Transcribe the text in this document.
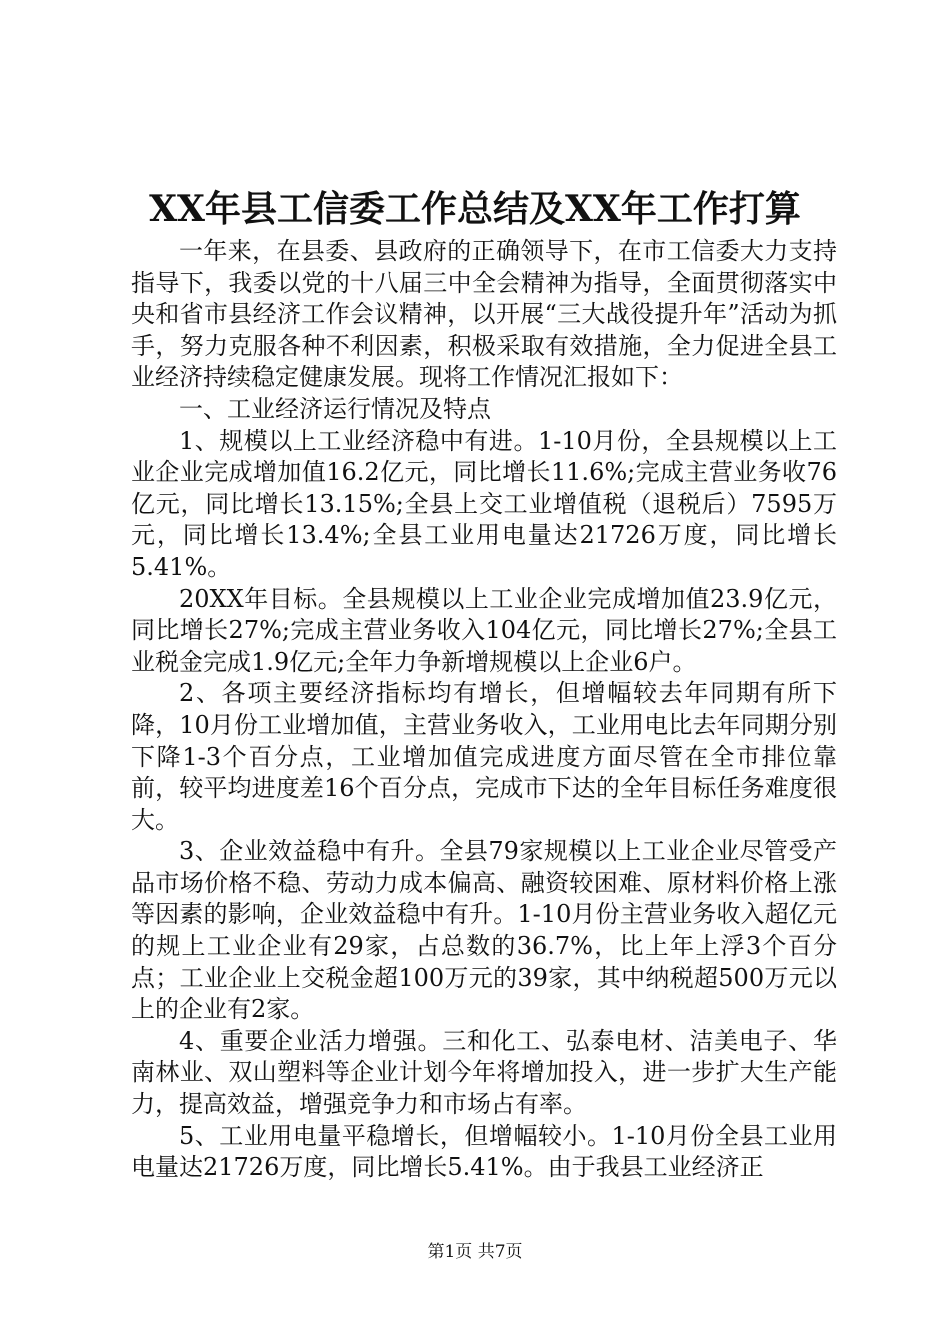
XX年县工信委工作总结及XX年工作打算

一年来，在县委、县政府的正确领导下，在市工信委大力支持指导下，我委以党的十八届三中全会精神为指导，全面贯彻落实中央和省市县经济工作会议精神，以开展“三大战役提升年”活动为抓手，努力克服各种不利因素，积极采取有效措施，全力促进全县工业经济持续稳定健康发展。现将工作情况汇报如下：

一、工业经济运行情况及特点

1、规模以上工业经济稳中有进。1-10月份，全县规模以上工业企业完成增加值16.2亿元，同比增长11.6%;完成主营业务收76亿元，同比增长13.15%;全县上交工业增值税（退税后）7595万元，同比增长13.4%;全县工业用电量达21726万度，同比增长5.41%。

20XX年目标。全县规模以上工业企业完成增加值23.9亿元，同比增长27%;完成主营业务收入104亿元，同比增长27%;全县工业税金完成1.9亿元;全年力争新增规模以上企业6户。

2、各项主要经济指标均有增长，但增幅较去年同期有所下降，10月份工业增加值，主营业务收入，工业用电比去年同期分别下降1-3个百分点，工业增加值完成进度方面尽管在全市排位靠前，较平均进度差16个百分点，完成市下达的全年目标任务难度很大。

3、企业效益稳中有升。全县79家规模以上工业企业尽管受产品市场价格不稳、劳动力成本偏高、融资较困难、原材料价格上涨等因素的影响，企业效益稳中有升。1-10月份主营业务收入超亿元的规上工业企业有29家，占总数的36.7%，比上年上浮3个百分点；工业企业上交税金超100万元的39家，其中纳税超500万元以上的企业有2家。

4、重要企业活力增强。三和化工、弘泰电材、洁美电子、华南林业、双山塑料等企业计划今年将增加投入，进一步扩大生产能力，提高效益，增强竞争力和市场占有率。

5、工业用电量平稳增长，但增幅较小。1-10月份全县工业用电量达21726万度，同比增长5.41%。由于我县工业经济正

第1页 共7页
